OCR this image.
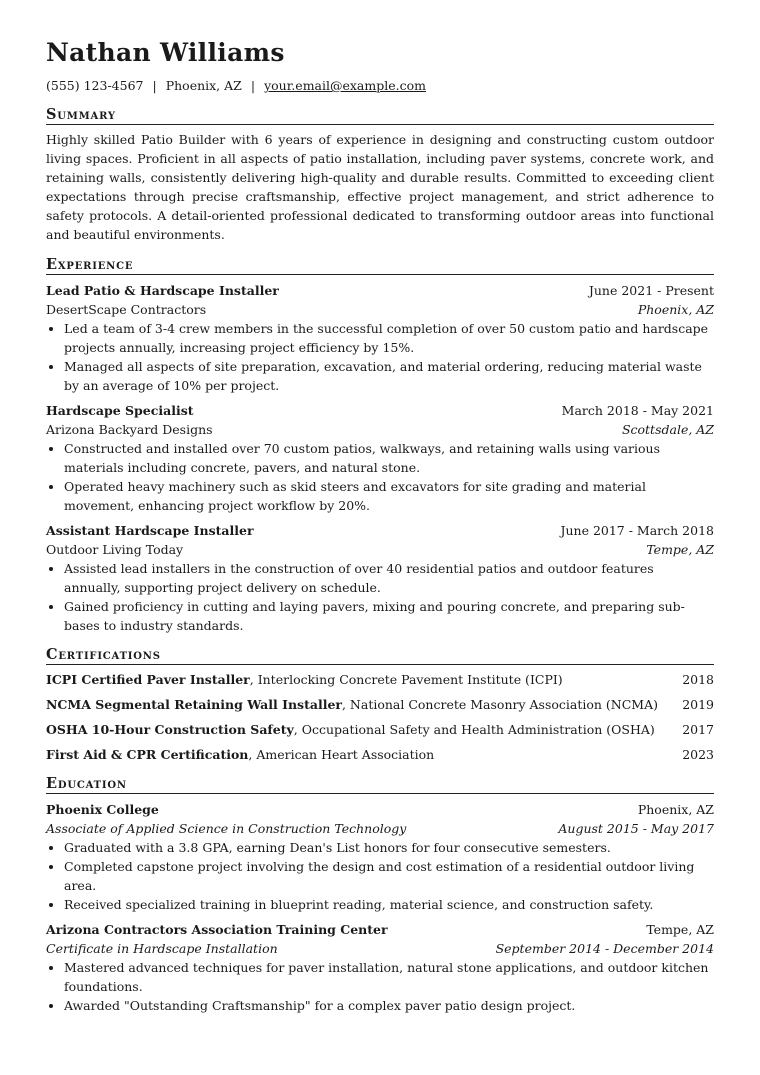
Nathan Williams
(555) 123-4567 | Phoenix, AZ | your.email@example.com
Summary
Highly skilled Patio Builder with 6 years of experience in designing and constructing custom outdoor living spaces. Proficient in all aspects of patio installation, including paver systems, concrete work, and retaining walls, consistently delivering high-quality and durable results. Committed to exceeding client expectations through precise craftsmanship, effective project management, and strict adherence to safety protocols. A detail-oriented professional dedicated to transforming outdoor areas into functional and beautiful environments.
Experience
Lead Patio & Hardscape Installer	June 2021 - Present
DesertScape Contractors	Phoenix, AZ
• Led a team of 3-4 crew members in the successful completion of over 50 custom patio and hardscape projects annually, increasing project efficiency by 15%.
• Managed all aspects of site preparation, excavation, and material ordering, reducing material waste by an average of 10% per project.
Hardscape Specialist	March 2018 - May 2021
Arizona Backyard Designs	Scottsdale, AZ
• Constructed and installed over 70 custom patios, walkways, and retaining walls using various materials including concrete, pavers, and natural stone.
• Operated heavy machinery such as skid steers and excavators for site grading and material movement, enhancing project workflow by 20%.
Assistant Hardscape Installer	June 2017 - March 2018
Outdoor Living Today	Tempe, AZ
• Assisted lead installers in the construction of over 40 residential patios and outdoor features annually, supporting project delivery on schedule.
• Gained proficiency in cutting and laying pavers, mixing and pouring concrete, and preparing sub-bases to industry standards.
Certifications
ICPI Certified Paver Installer, Interlocking Concrete Pavement Institute (ICPI)	2018
NCMA Segmental Retaining Wall Installer, National Concrete Masonry Association (NCMA) 2019
OSHA 10-Hour Construction Safety, Occupational Safety and Health Administration (OSHA) 2017
First Aid & CPR Certification, American Heart Association	2023
Education
Phoenix College	Phoenix, AZ
Associate of Applied Science in Construction Technology	August 2015 - May 2017
• Graduated with a 3.8 GPA, earning Dean's List honors for four consecutive semesters.
• Completed capstone project involving the design and cost estimation of a residential outdoor living area.
• Received specialized training in blueprint reading, material science, and construction safety.
Arizona Contractors Association Training Center	Tempe, AZ
Certificate in Hardscape Installation	September 2014 - December 2014
• Mastered advanced techniques for paver installation, natural stone applications, and outdoor kitchen foundations.
• Awarded "Outstanding Craftsmanship" for a complex paver patio design project.
